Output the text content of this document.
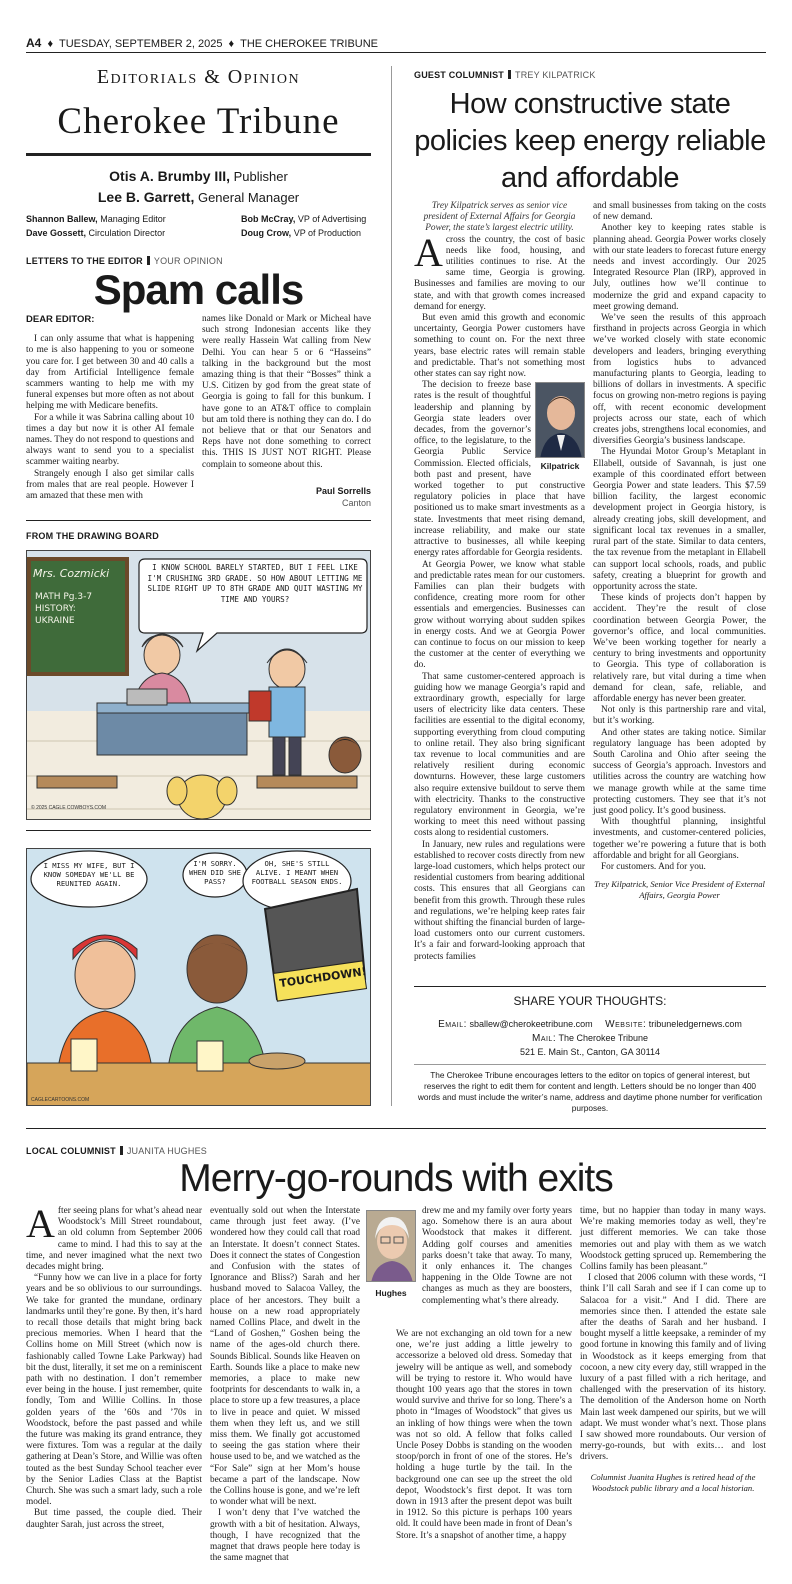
A4  ♦  TUESDAY, SEPTEMBER 2, 2025  ♦  THE CHEROKEE TRIBUNE
Editorials & Opinion
Cherokee Tribune
Otis A. Brumby III, Publisher
Lee B. Garrett, General Manager
Shannon Ballew, Managing Editor	Bob McCray, VP of Advertising
Dave Gossett, Circulation Director	Doug Crow, VP of Production
LETTERS TO THE EDITOR YOUR OPINION
Spam calls

DEAR EDITOR:

I can only assume that what is happening to me is also happening to you or someone you care for. I get between 30 and 40 calls a day from Artificial Intelligence female scammers wanting to help me with my funeral expenses but more often as not about helping me with Medicare benefits.

For a while it was Sabrina calling about 10 times a day but now it is other AI female names. They do not respond to questions and always want to send you to a specialist scammer waiting nearby.

Strangely enough I also get similar calls from males that are real people. However I am amazed that these men with

names like Donald or Mark or Micheal have such strong Indonesian accents like they were really Hassein Wat calling from New Delhi. You can hear 5 or 6 “Hasseins” talking in the background but the most amazing thing is that their “Bosses” think a U.S. Citizen by god from the great state of Georgia is going to fall for this bunkum. I have gone to an AT&T office to complain but am told there is nothing they can do. I do not believe that or that our Senators and Reps have not done something to correct this. THIS IS JUST NOT RIGHT. Please complain to someone about this.

Paul Sorrells
Canton
FROM THE DRAWING BOARD
Mrs. Cozmicki
MATH Pg.3-7
HISTORY:
UKRAINE
I KNOW SCHOOL BARELY STARTED, BUT I FEEL LIKE I'M CRUSHING 3RD GRADE. SO HOW ABOUT LETTING ME SLIDE RIGHT UP TO 8TH GRADE AND QUIT WASTING MY TIME AND YOURS?
© 2025 CAGLE COWBOYS.COM
I MISS MY WIFE, BUT I KNOW SOMEDAY WE'LL BE REUNITED AGAIN.
I'M SORRY. WHEN DID SHE PASS?
OH, SHE'S STILL ALIVE. I MEANT WHEN FOOTBALL SEASON ENDS.
TOUCHDOWN!
CAGLECARTOONS.COM
GUEST COLUMNIST TREY KILPATRICK
How constructive state policies keep energy reliable and affordable

Trey Kilpatrick serves as senior vice president of External Affairs for Georgia Power, the state’s largest electric utility.

Across the country, the cost of basic needs like food, housing, and utilities continues to rise. At the same time, Georgia is growing. Businesses and families are moving to our state, and with that growth comes increased demand for energy.

But even amid this growth and economic uncertainty, Georgia Power customers have something to count on. For the next three years, base electric rates will remain stable and predictable. That’s not something most other states can say right now.

Kilpatrick

The decision to freeze base rates is the result of thoughtful leadership and planning by Georgia state leaders over decades, from the governor’s office, to the legislature, to the Georgia Public Service Commission. Elected officials, both past and present, have worked together to put constructive regulatory policies in place that have positioned us to make smart investments as a state. Investments that meet rising demand, increase reliability, and make our state attractive to businesses, all while keeping energy rates affordable for Georgia residents.

At Georgia Power, we know what stable and predictable rates mean for our customers. Families can plan their budgets with confidence, creating more room for other essentials and emergencies. Businesses can grow without worrying about sudden spikes in energy costs. And we at Georgia Power can continue to focus on our mission to keep the customer at the center of everything we do.

That same customer-centered approach is guiding how we manage Georgia’s rapid and extraordinary growth, especially for large users of electricity like data centers. These facilities are essential to the digital economy, supporting everything from cloud computing to online retail. They also bring significant tax revenue to local communities and are relatively resilient during economic downturns. However, these large customers also require extensive buildout to serve them with electricity. Thanks to the constructive regulatory environment in Georgia, we’re working to meet this need without passing costs along to residential customers.

In January, new rules and regulations were established to recover costs directly from new large-load customers, which helps protect our residential customers from bearing additional costs. This ensures that all Georgians can benefit from this growth. Through these rules and regulations, we’re helping keep rates fair without shifting the financial burden of large-load customers onto our current customers. It’s a fair and forward-looking approach that protects families

and small businesses from taking on the costs of new demand.

Another key to keeping rates stable is planning ahead. Georgia Power works closely with our state leaders to forecast future energy needs and invest accordingly. Our 2025 Integrated Resource Plan (IRP), approved in July, outlines how we’ll continue to modernize the grid and expand capacity to meet growing demand.

We’ve seen the results of this approach firsthand in projects across Georgia in which we’ve worked closely with state economic developers and leaders, bringing everything from logistics hubs to advanced manufacturing plants to Georgia, leading to billions of dollars in investments. A specific focus on growing non-metro regions is paying off, with recent economic development projects across our state, each of which creates jobs, strengthens local economies, and diversifies Georgia’s business landscape.

The Hyundai Motor Group’s Metaplant in Ellabell, outside of Savannah, is just one example of this coordinated effort between Georgia Power and state leaders. This $7.59 billion facility, the largest economic development project in Georgia history, is already creating jobs, skill development, and significant local tax revenues in a smaller, rural part of the state. Similar to data centers, the tax revenue from the metaplant in Ellabell can support local schools, roads, and public safety, creating a blueprint for growth and opportunity across the state.

These kinds of projects don’t happen by accident. They’re the result of close coordination between Georgia Power, the governor’s office, and local communities. We’ve been working together for nearly a century to bring investments and opportunity to Georgia. This type of collaboration is relatively rare, but vital during a time when demand for clean, safe, reliable, and affordable energy has never been greater.

Not only is this partnership rare and vital, but it’s working.

And other states are taking notice. Similar regulatory language has been adopted by South Carolina and Ohio after seeing the success of Georgia’s approach. Investors and utilities across the country are watching how we manage growth while at the same time protecting customers. They see that it’s not just good policy. It’s good business.

With thoughtful planning, insightful investments, and customer-centered policies, together we’re powering a future that is both affordable and bright for all Georgians.

For customers. And for you.

Trey Kilpatrick, Senior Vice President of External Affairs, Georgia Power

SHARE YOUR THOUGHTS:
Email: sballew@cherokeetribune.com Website: tribuneledgernews.com
Mail: The Cherokee Tribune
521 E. Main St., Canton, GA 30114
The Cherokee Tribune encourages letters to the editor on topics of general interest, but reserves the right to edit them for content and length. Letters should be no longer than 400 words and must include the writer’s name, address and daytime phone number for verification purposes.
LOCAL COLUMNIST JUANITA HUGHES
Merry-go-rounds with exits

After seeing plans for what’s ahead near Woodstock’s Mill Street roundabout, an old column from September 2006 came to mind. I had this to say at the time, and never imagined what the next two decades might bring.

“Funny how we can live in a place for forty years and be so oblivious to our surroundings. We take for granted the mundane, ordinary landmarks until they’re gone. By then, it’s hard to recall those details that might bring back precious memories. When I heard that the Collins home on Mill Street (which now is fashionably called Towne Lake Parkway) had bit the dust, literally, it set me on a reminiscent path with no destination. I don’t remember ever being in the house. I just remember, quite fondly, Tom and Willie Collins. In those golden years of the ’60s and ’70s in Woodstock, before the past passed and while the future was making its grand entrance, they were fixtures. Tom was a regular at the daily gathering at Dean’s Store, and Willie was often touted as the best Sunday School teacher ever by the Senior Ladies Class at the Baptist Church. She was such a smart lady, such a role model.

But time passed, the couple died. Their daughter Sarah, just across the street,

eventually sold out when the Interstate came through just feet away. (I’ve wondered how they could call that road an Interstate. It doesn’t connect States. Does it connect the states of Congestion and Confusion with the states of Ignorance and Bliss?) Sarah and her husband moved to Salacoa Valley, the place of her ancestors. They built a house on a new road appropriately named Collins Place, and dwelt in the “Land of Goshen,” Goshen being the name of the ages-old church there. Sounds Biblical. Sounds like Heaven on Earth. Sounds like a place to make new memories, a place to make new footprints for descendants to walk in, a place to store up a few treasures, a place to live in peace and quiet. W missed them when they left us, and we still miss them. We finally got accustomed to seeing the gas station where their house used to be, and we watched as the “For Sale” sign at her Mom’s house became a part of the landscape. Now the Collins house is gone, and we’re left to wonder what will be next.

I won’t deny that I’ve watched the growth with a bit of hesitation. Always, though, I have recognized that the magnet that draws people here today is the same magnet that

Hughes
drew me and my family over forty years ago. Somehow there is an aura about Woodstock that makes it different. Adding golf courses and amenities parks doesn’t take that away. To many, it only enhances it. The changes happening in the Olde Towne are not changes as much as they are boosters, complementing what’s there already.

We are not exchanging an old town for a new one, we’re just adding a little jewelry to accessorize a beloved old dress. Someday that jewelry will be antique as well, and somebody will be trying to restore it. Who would have thought 100 years ago that the stores in town would survive and thrive for so long. There’s a photo in “Images of Woodstock” that gives us an inkling of how things were when the town was not so old. A fellow that folks called Uncle Posey Dobbs is standing on the wooden stoop/porch in front of one of the stores. He’s holding a huge turtle by the tail. In the background one can see up the street the old depot, Woodstock’s first depot. It was torn down in 1913 after the present depot was built in 1912. So this picture is perhaps 100 years old. It could have been made in front of Dean’s Store. It’s a snapshot of another time, a happy

time, but no happier than today in many ways. We’re making memories today as well, they’re just different memories. We can take those memories out and play with them as we watch Woodstock getting spruced up. Remembering the Collins family has been pleasant.”

I closed that 2006 column with these words, “I think I’ll call Sarah and see if I can come up to Salacoa for a visit.” And I did. There are memories since then. I attended the estate sale after the deaths of Sarah and her husband. I bought myself a little keepsake, a reminder of my good fortune in knowing this family and of living in Woodstock as it keeps emerging from that cocoon, a new city every day, still wrapped in the luxury of a past filled with a rich heritage, and challenged with the preservation of its history. The demolition of the Anderson home on North Main last week dampened our spirits, but we will adapt. We must wonder what’s next. Those plans I saw showed more roundabouts. Our version of merry-go-rounds, but with exits… and lost drivers.

Columnist Juanita Hughes is retired head of the Woodstock public library and a local historian.
